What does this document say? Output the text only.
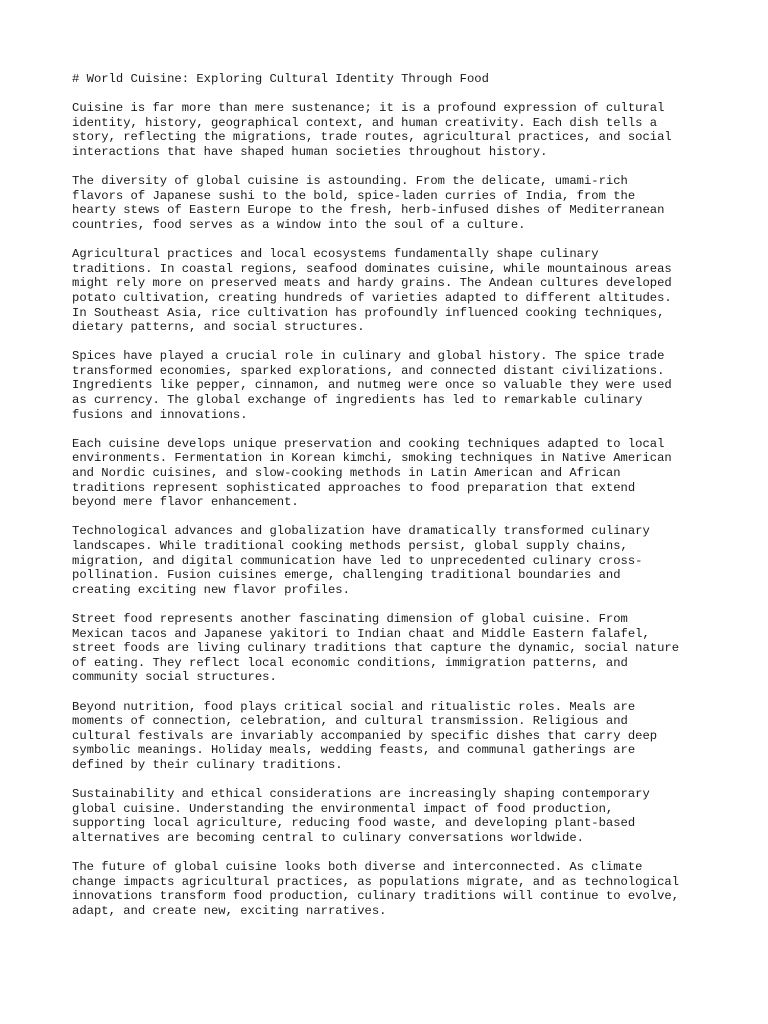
# World Cuisine: Exploring Cultural Identity Through Food
Cuisine is far more than mere sustenance; it is a profound expression of cultural
identity, history, geographical context, and human creativity. Each dish tells a
story, reflecting the migrations, trade routes, agricultural practices, and social
interactions that have shaped human societies throughout history.
The diversity of global cuisine is astounding. From the delicate, umami-rich
flavors of Japanese sushi to the bold, spice-laden curries of India, from the
hearty stews of Eastern Europe to the fresh, herb-infused dishes of Mediterranean
countries, food serves as a window into the soul of a culture.
Agricultural practices and local ecosystems fundamentally shape culinary
traditions. In coastal regions, seafood dominates cuisine, while mountainous areas
might rely more on preserved meats and hardy grains. The Andean cultures developed
potato cultivation, creating hundreds of varieties adapted to different altitudes.
In Southeast Asia, rice cultivation has profoundly influenced cooking techniques,
dietary patterns, and social structures.
Spices have played a crucial role in culinary and global history. The spice trade
transformed economies, sparked explorations, and connected distant civilizations.
Ingredients like pepper, cinnamon, and nutmeg were once so valuable they were used
as currency. The global exchange of ingredients has led to remarkable culinary
fusions and innovations.
Each cuisine develops unique preservation and cooking techniques adapted to local
environments. Fermentation in Korean kimchi, smoking techniques in Native American
and Nordic cuisines, and slow-cooking methods in Latin American and African
traditions represent sophisticated approaches to food preparation that extend
beyond mere flavor enhancement.
Technological advances and globalization have dramatically transformed culinary
landscapes. While traditional cooking methods persist, global supply chains,
migration, and digital communication have led to unprecedented culinary cross-
pollination. Fusion cuisines emerge, challenging traditional boundaries and
creating exciting new flavor profiles.
Street food represents another fascinating dimension of global cuisine. From
Mexican tacos and Japanese yakitori to Indian chaat and Middle Eastern falafel,
street foods are living culinary traditions that capture the dynamic, social nature
of eating. They reflect local economic conditions, immigration patterns, and
community social structures.
Beyond nutrition, food plays critical social and ritualistic roles. Meals are
moments of connection, celebration, and cultural transmission. Religious and
cultural festivals are invariably accompanied by specific dishes that carry deep
symbolic meanings. Holiday meals, wedding feasts, and communal gatherings are
defined by their culinary traditions.
Sustainability and ethical considerations are increasingly shaping contemporary
global cuisine. Understanding the environmental impact of food production,
supporting local agriculture, reducing food waste, and developing plant-based
alternatives are becoming central to culinary conversations worldwide.
The future of global cuisine looks both diverse and interconnected. As climate
change impacts agricultural practices, as populations migrate, and as technological
innovations transform food production, culinary traditions will continue to evolve,
adapt, and create new, exciting narratives.
